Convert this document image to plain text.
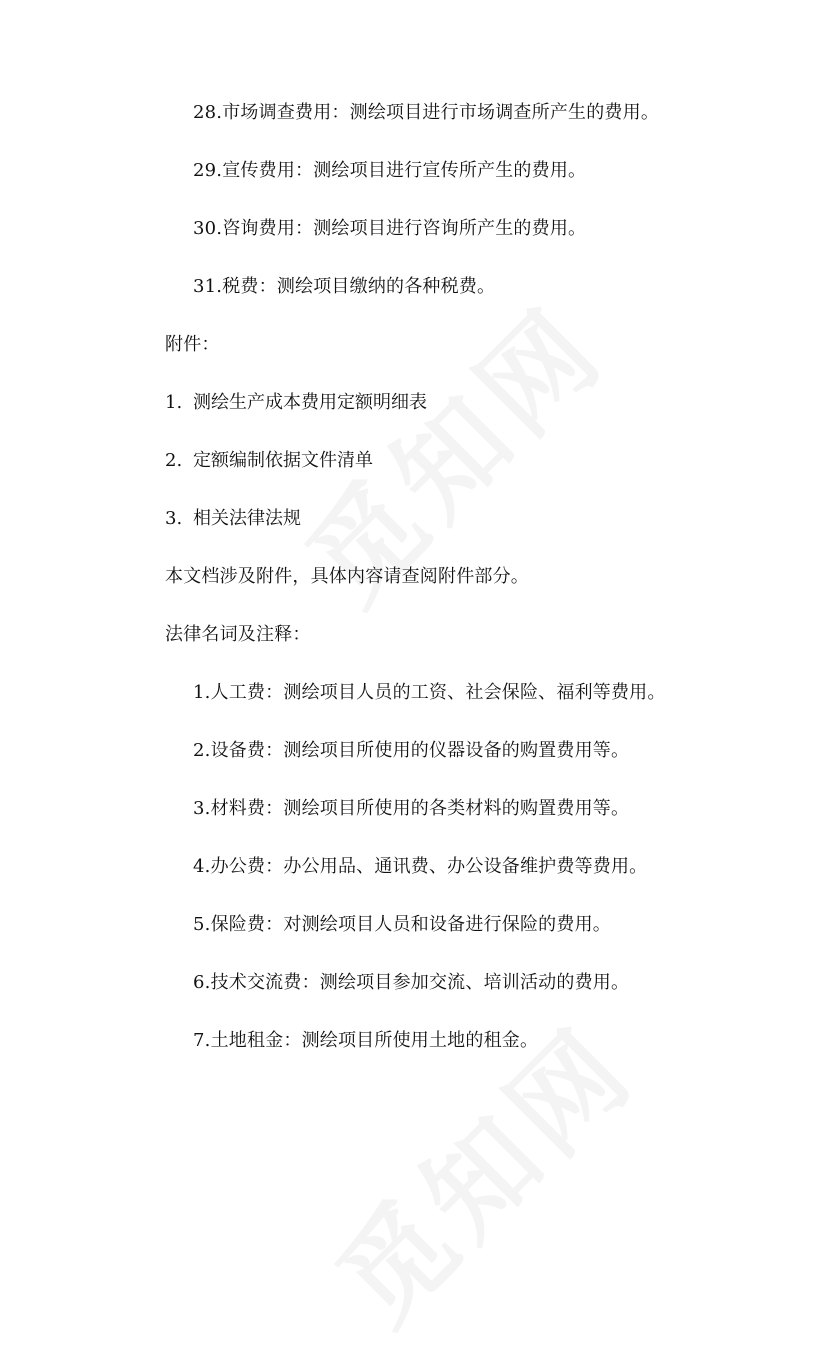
28.市场调查费用：测绘项目进行市场调查所产生的费用。
29.宣传费用：测绘项目进行宣传所产生的费用。
30.咨询费用：测绘项目进行咨询所产生的费用。
31.税费：测绘项目缴纳的各种税费。
附件：
1. 测绘生产成本费用定额明细表
2. 定额编制依据文件清单
3. 相关法律法规
本文档涉及附件，具体内容请查阅附件部分。
法律名词及注释：
1.人工费：测绘项目人员的工资、社会保险、福利等费用。
2.设备费：测绘项目所使用的仪器设备的购置费用等。
3.材料费：测绘项目所使用的各类材料的购置费用等。
4.办公费：办公用品、通讯费、办公设备维护费等费用。
5.保险费：对测绘项目人员和设备进行保险的费用。
6.技术交流费：测绘项目参加交流、培训活动的费用。
7.土地租金：测绘项目所使用土地的租金。
